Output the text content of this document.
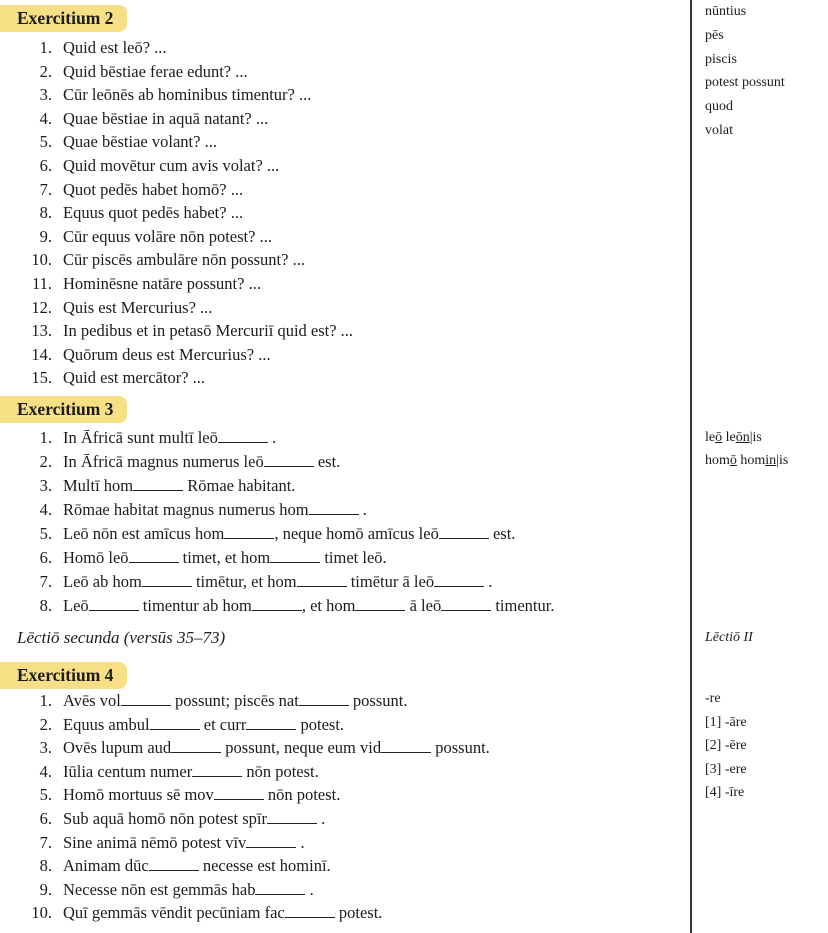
Exercitium 2
Exercitium 3
Lēctiō secunda (versūs 35–73)
Exercitium 4
1. Quid est leō? ...
2. Quid bēstiae ferae edunt? ...
3. Cūr leōnēs ab hominibus timentur? ...
4. Quae bēstiae in aquā natant? ...
5. Quae bēstiae volant? ...
6. Quid movētur cum avis volat? ...
7. Quot pedēs habet homō? ...
8. Equus quot pedēs habet? ...
9. Cūr equus volāre nōn potest? ...
10. Cūr piscēs ambulāre nōn possunt? ...
11. Hominēsne natāre possunt? ...
12. Quis est Mercurius? ...
13. In pedibus et in petasō Mercuriī quid est? ...
14. Quōrum deus est Mercurius? ...
15. Quid est mercātor? ...
1. In Āfricā sunt multī leō	.
2. In Āfricā magnus numerus leō	est.
3. Multī hom	Rōmae habitant.
4. Rōmae habitat magnus numerus hom	.
5. Leō nōn est amīcus hom	, neque homō amīcus leō	est.
6. Homō leō	timet, et hom	timet leō.
7. Leō ab hom	timētur, et hom	timētur ā leō	.
8. Leō	timentur ab hom	, et hom	ā leō	timentur.
1. Avēs vol	possunt; piscēs nat	possunt.
2. Equus ambul	et curr	potest.
3. Ovēs lupum aud	possunt, neque eum vid	possunt.
4. Iūlia centum numer	nōn potest.
5. Homō mortuus sē mov	nōn potest.
6. Sub aquā homō nōn potest spīr	.
7. Sine animā nēmō potest vīv	.
8. Animam dūc	necesse est hominī.
9. Necesse nōn est gemmās hab	.
10. Quī gemmās vēndit pecūniam fac	potest.
leō leōn|is
homō homin|is
Lēctiō II
nūntius
pēs
piscis
potest possunt
quod
volat
-re
[1] -āre
[2] -ēre
[3] -ere
[4] -īre
